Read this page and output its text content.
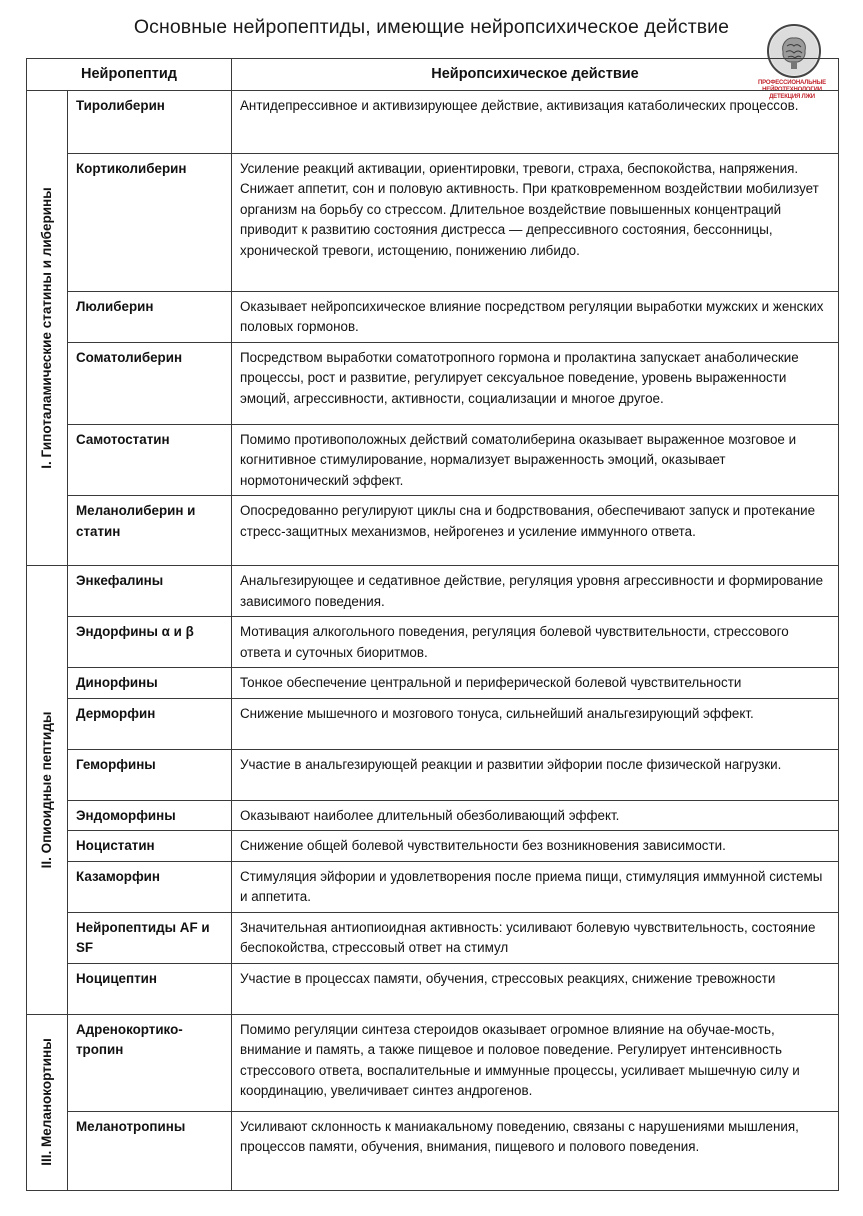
Основные нейропептиды, имеющие нейропсихическое действие
ПРОФЕССИОНАЛЬНЫЕ НЕЙРОТЕХНОЛОГИИ ДЕТЕКЦИЯ ЛЖИ
Нейропептид		Нейропсихическое действие

I. Гипоталамические статины и либерины	Тиролиберин	Антидепрессивное и активизирующее действие, активизация катаболических процессов.
	Кортиколиберин	Усиление реакций активации, ориентировки, тревоги, страха, беспокойства, напряжения. Снижает аппетит, сон и половую активность. При кратковременном воздействии мобилизует организм на борьбу со стрессом. Длительное воздействие повышенных концентраций приводит к развитию состояния дистресса — депрессивного состояния, бессонницы, хронической тревоги, истощению, понижению либидо.
	Люлиберин	Оказывает нейропсихическое влияние посредством регуляции выработки мужских и женских половых гормонов.
	Соматолиберин	Посредством выработки соматотропного гормона и пролактина запускает анаболические процессы, рост и развитие, регулирует сексуальное поведение, уровень выраженности эмоций, агрессивности, активности, социализации и многое другое.
	Самотостатин	Помимо противоположных действий соматолиберина оказывает выраженное мозговое и когнитивное стимулирование, нормализует выраженность эмоций, оказывает нормотонический эффект.
	Меланолиберин и статин	Опосредованно регулируют циклы сна и бодрствования, обеспечивают запуск и протекание стресс-защитных механизмов, нейрогенез и усиление иммунного ответа.

II. Опиоидные пептиды	Энкефалины	Анальгезирующее и седативное действие, регуляция уровня агрессивности и формирование зависимого поведения.
	Эндорфины α и β	Мотивация алкогольного поведения, регуляция болевой чувствительности, стрессового ответа и суточных биоритмов.
	Динорфины	Тонкое обеспечение центральной и периферической болевой чувствительности
	Дерморфин	Снижение мышечного и мозгового тонуса, сильнейший анальгезирующий эффект.
	Геморфины	Участие в анальгезирующей реакции и развитии эйфории после физической нагрузки.
	Эндоморфины	Оказывают наиболее длительный обезболивающий эффект.
	Ноцистатин	Снижение общей болевой чувствительности без возникновения зависимости.
	Казаморфин	Стимуляция эйфории и удовлетворения после приема пищи, стимуляция иммунной системы и аппетита.
	Нейропептиды AF и SF	Значительная антиопиоидная активность: усиливают болевую чувствительность, состояние беспокойства, стрессовый ответ на стимул
	Ноцицептин	Участие в процессах памяти, обучения, стрессовых реакциях, снижение тревожности

III. Меланокортины	Адренокортико-тропин	Помимо регуляции синтеза стероидов оказывает огромное влияние на обучае-мость, внимание и память, а также пищевое и половое поведение. Регулирует интенсивность стрессового ответа, воспалительные и иммунные процессы, усиливает мышечную силу и координацию, увеличивает синтез андрогенов.
	Меланотропины	Усиливают склонность к маниакальному поведению, связаны с нарушениями мышления, процессов памяти, обучения, внимания, пищевого и полового поведения.
